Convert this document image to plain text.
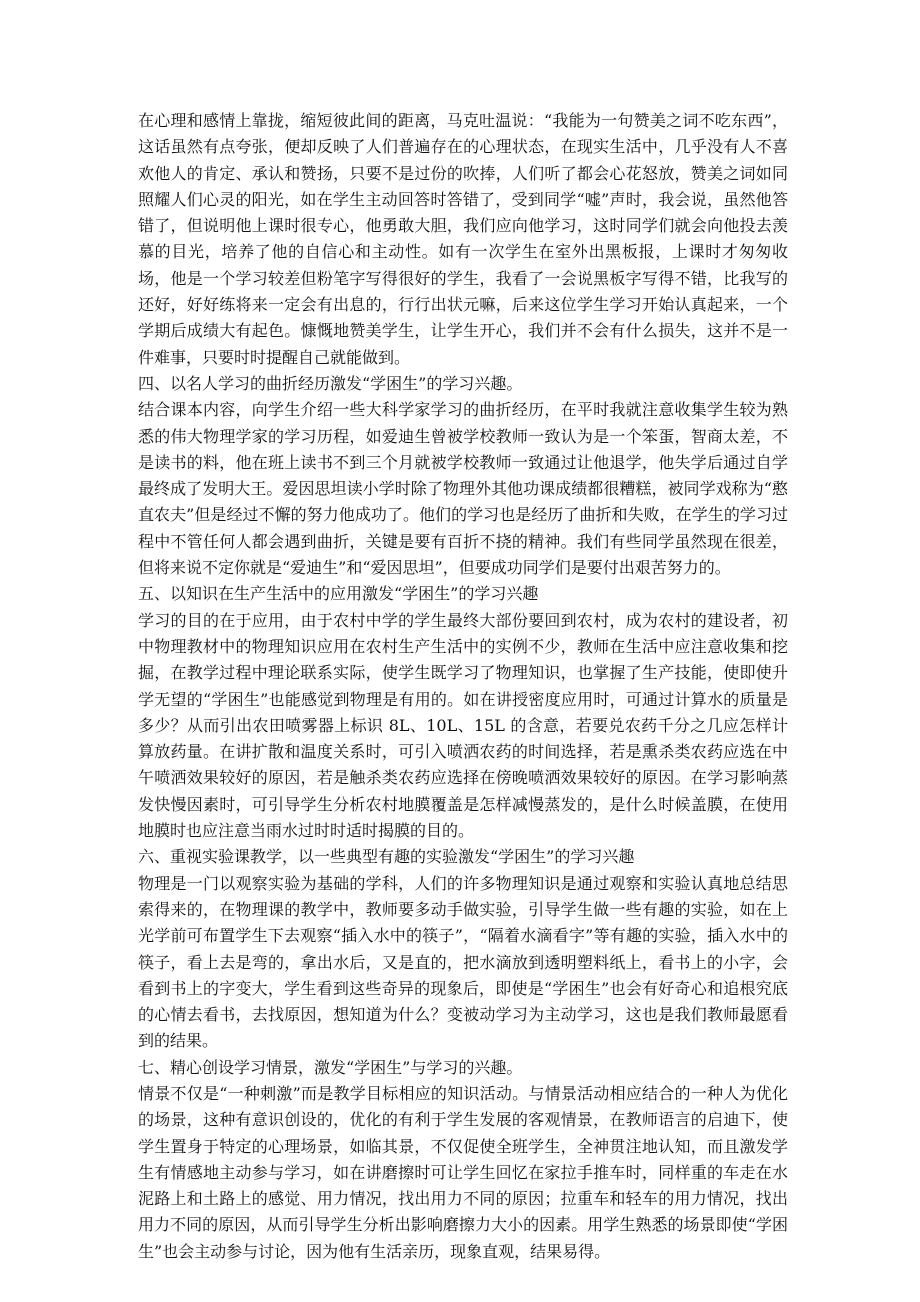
在心理和感情上靠拢，缩短彼此间的距离，马克吐温说：“我能为一句赞美之词不吃东西”，这话虽然有点夸张，便却反映了人们普遍存在的心理状态，在现实生活中，几乎没有人不喜欢他人的肯定、承认和赞扬，只要不是过份的吹捧，人们听了都会心花怒放，赞美之词如同照耀人们心灵的阳光，如在学生主动回答时答错了，受到同学“嘘”声时，我会说，虽然他答错了，但说明他上课时很专心，他勇敢大胆，我们应向他学习，这时同学们就会向他投去羡慕的目光，培养了他的自信心和主动性。如有一次学生在室外出黑板报，上课时才匆匆收场，他是一个学习较差但粉笔字写得很好的学生，我看了一会说黑板字写得不错，比我写的还好，好好练将来一定会有出息的，行行出状元嘛，后来这位学生学习开始认真起来，一个学期后成绩大有起色。慷慨地赞美学生，让学生开心，我们并不会有什么损失，这并不是一件难事，只要时时提醒自己就能做到。

四、以名人学习的曲折经历激发“学困生”的学习兴趣。

结合课本内容，向学生介绍一些大科学家学习的曲折经历，在平时我就注意收集学生较为熟悉的伟大物理学家的学习历程，如爱迪生曾被学校教师一致认为是一个笨蛋，智商太差，不是读书的料，他在班上读书不到三个月就被学校教师一致通过让他退学，他失学后通过自学最终成了发明大王。爱因思坦读小学时除了物理外其他功课成绩都很糟糕，被同学戏称为“憨直农夫”但是经过不懈的努力他成功了。他们的学习也是经历了曲折和失败，在学生的学习过程中不管任何人都会遇到曲折，关键是要有百折不挠的精神。我们有些同学虽然现在很差，但将来说不定你就是“爱迪生”和“爱因思坦”，但要成功同学们是要付出艰苦努力的。

五、以知识在生产生活中的应用激发“学困生”的学习兴趣

学习的目的在于应用，由于农村中学的学生最终大部份要回到农村，成为农村的建设者，初中物理教材中的物理知识应用在农村生产生活中的实例不少，教师在生活中应注意收集和挖掘，在教学过程中理论联系实际，使学生既学习了物理知识，也掌握了生产技能，使即使升学无望的“学困生”也能感觉到物理是有用的。如在讲授密度应用时，可通过计算水的质量是多少？从而引出农田喷雾器上标识 8L、10L、15L 的含意，若要兑农药千分之几应怎样计算放药量。在讲扩散和温度关系时，可引入喷洒农药的时间选择，若是熏杀类农药应选在中午喷洒效果较好的原因，若是触杀类农药应选择在傍晚喷洒效果较好的原因。在学习影响蒸发快慢因素时，可引导学生分析农村地膜覆盖是怎样减慢蒸发的，是什么时候盖膜，在使用地膜时也应注意当雨水过时时适时揭膜的目的。

六、重视实验课教学，以一些典型有趣的实验激发“学困生”的学习兴趣

物理是一门以观察实验为基础的学科，人们的许多物理知识是通过观察和实验认真地总结思索得来的，在物理课的教学中，教师要多动手做实验，引导学生做一些有趣的实验，如在上光学前可布置学生下去观察“插入水中的筷子”，“隔着水滴看字”等有趣的实验，插入水中的筷子，看上去是弯的，拿出水后，又是直的，把水滴放到透明塑料纸上，看书上的小字，会看到书上的字变大，学生看到这些奇异的现象后，即使是“学困生”也会有好奇心和追根究底的心情去看书，去找原因，想知道为什么？变被动学习为主动学习，这也是我们教师最愿看到的结果。

七、精心创设学习情景，激发“学困生”与学习的兴趣。

情景不仅是“一种刺激”而是教学目标相应的知识活动。与情景活动相应结合的一种人为优化的场景，这种有意识创设的，优化的有利于学生发展的客观情景，在教师语言的启迪下，使学生置身于特定的心理场景，如临其景，不仅促使全班学生，全神贯注地认知，而且激发学生有情感地主动参与学习，如在讲磨擦时可让学生回忆在家拉手推车时，同样重的车走在水泥路上和土路上的感觉、用力情况，找出用力不同的原因；拉重车和轻车的用力情况，找出用力不同的原因，从而引导学生分析出影响磨擦力大小的因素。用学生熟悉的场景即使“学困生”也会主动参与讨论，因为他有生活亲历，现象直观，结果易得。
